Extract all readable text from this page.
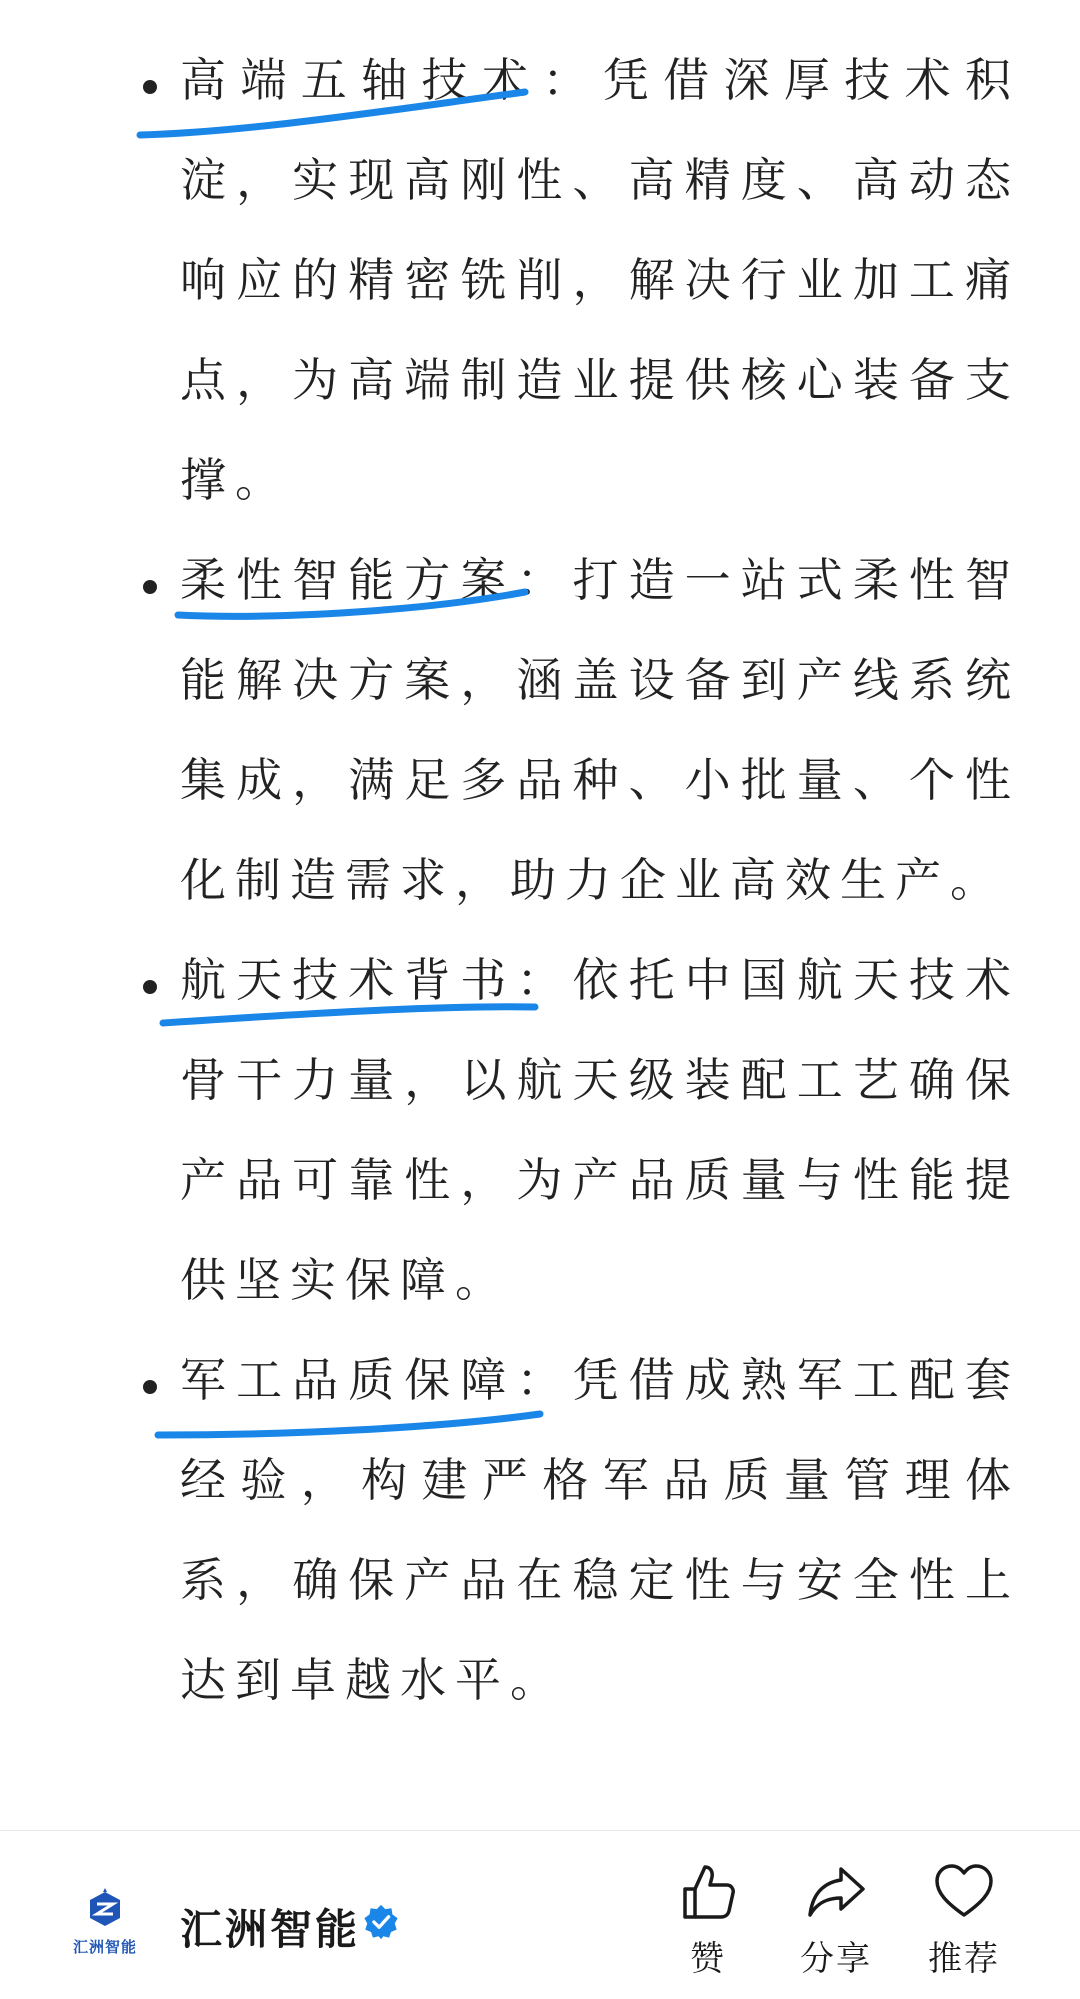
高端五轴技术：凭借深厚技术积淀，实现高刚性、高精度、高动态响应的精密铣削，解决行业加工痛点，为高端制造业提供核心装备支撑。
柔性智能方案：打造一站式柔性智能解决方案，涵盖设备到产线系统集成，满足多品种、小批量、个性化制造需求，助力企业高效生产。
航天技术背书：依托中国航天技术骨干力量，以航天级装配工艺确保产品可靠性，为产品质量与性能提供坚实保障。
军工品质保障：凭借成熟军工配套经验，构建严格军品质量管理体系，确保产品在稳定性与安全性上达到卓越水平。
汇洲智能	汇洲智能
赞	分享	推荐
